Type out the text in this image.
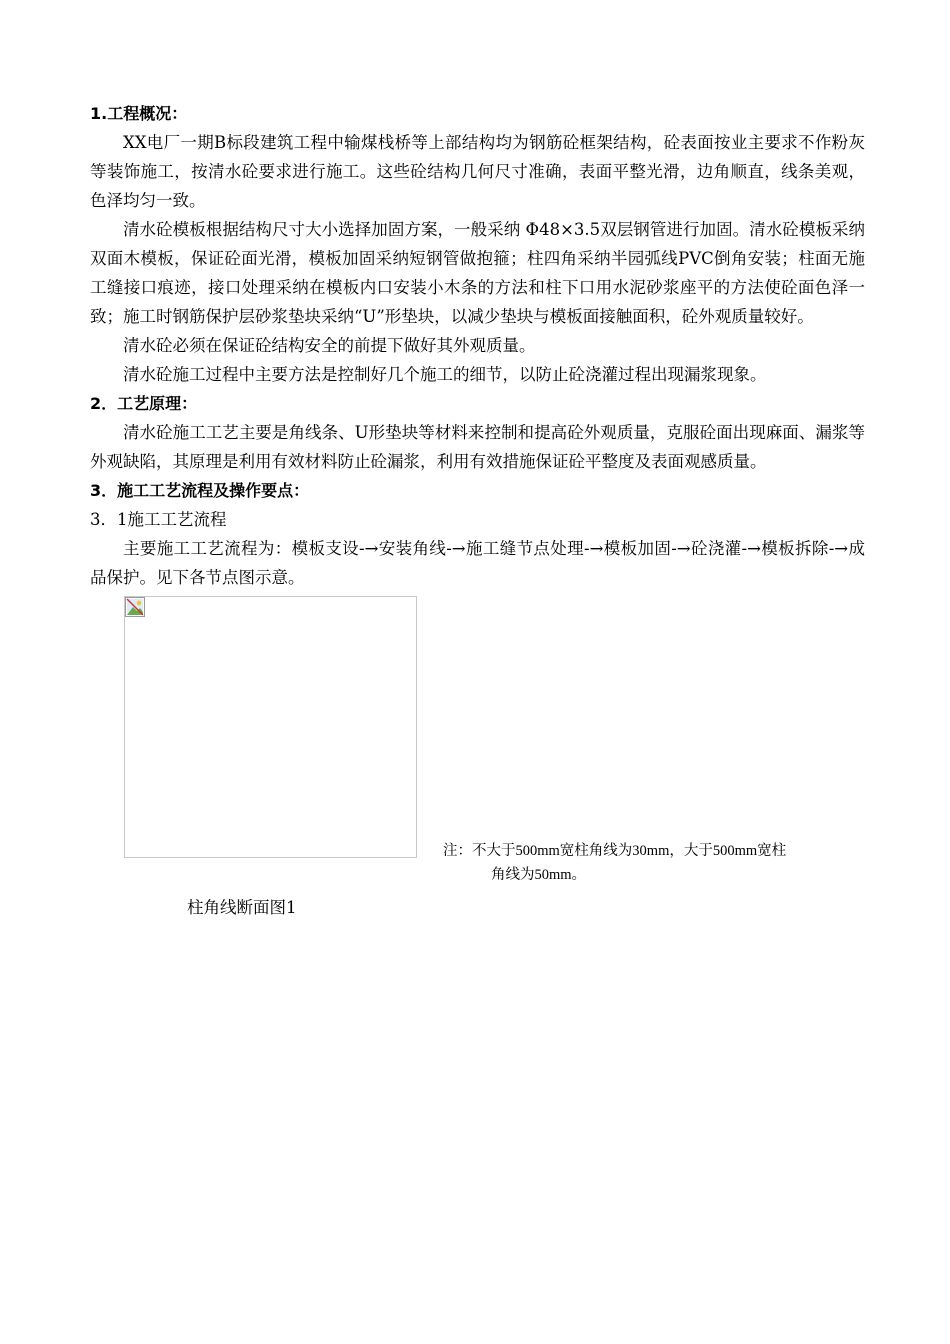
1.工程概况：

XX电厂一期B标段建筑工程中输煤栈桥等上部结构均为钢筋砼框架结构，砼表面按业主要求不作粉灰等装饰施工，按清水砼要求进行施工。这些砼结构几何尺寸准确，表面平整光滑，边角顺直，线条美观，色泽均匀一致。

清水砼模板根据结构尺寸大小选择加固方案，一般采纳 Φ48×3.5双层钢管进行加固。清水砼模板采纳双面木模板，保证砼面光滑，模板加固采纳短钢管做抱箍；柱四角采纳半园弧线PVC倒角安装；柱面无施工缝接口痕迹，接口处理采纳在模板内口安装小木条的方法和柱下口用水泥砂浆座平的方法使砼面色泽一致；施工时钢筋保护层砂浆垫块采纳“U”形垫块，以减少垫块与模板面接触面积，砼外观质量较好。

清水砼必须在保证砼结构安全的前提下做好其外观质量。

清水砼施工过程中主要方法是控制好几个施工的细节，以防止砼浇灌过程出现漏浆现象。

2．工艺原理：

清水砼施工工艺主要是角线条、U形垫块等材料来控制和提高砼外观质量，克服砼面出现麻面、漏浆等外观缺陷，其原理是利用有效材料防止砼漏浆，利用有效措施保证砼平整度及表面观感质量。

3．施工工艺流程及操作要点：

3．1施工工艺流程

主要施工工艺流程为：模板支设-→安装角线-→施工缝节点处理-→模板加固-→砼浇灌-→模板拆除-→成品保护。见下各节点图示意。

注：不大于500mm宽柱角线为30mm，大于500mm宽柱
角线为50mm。
柱角线断面图1
